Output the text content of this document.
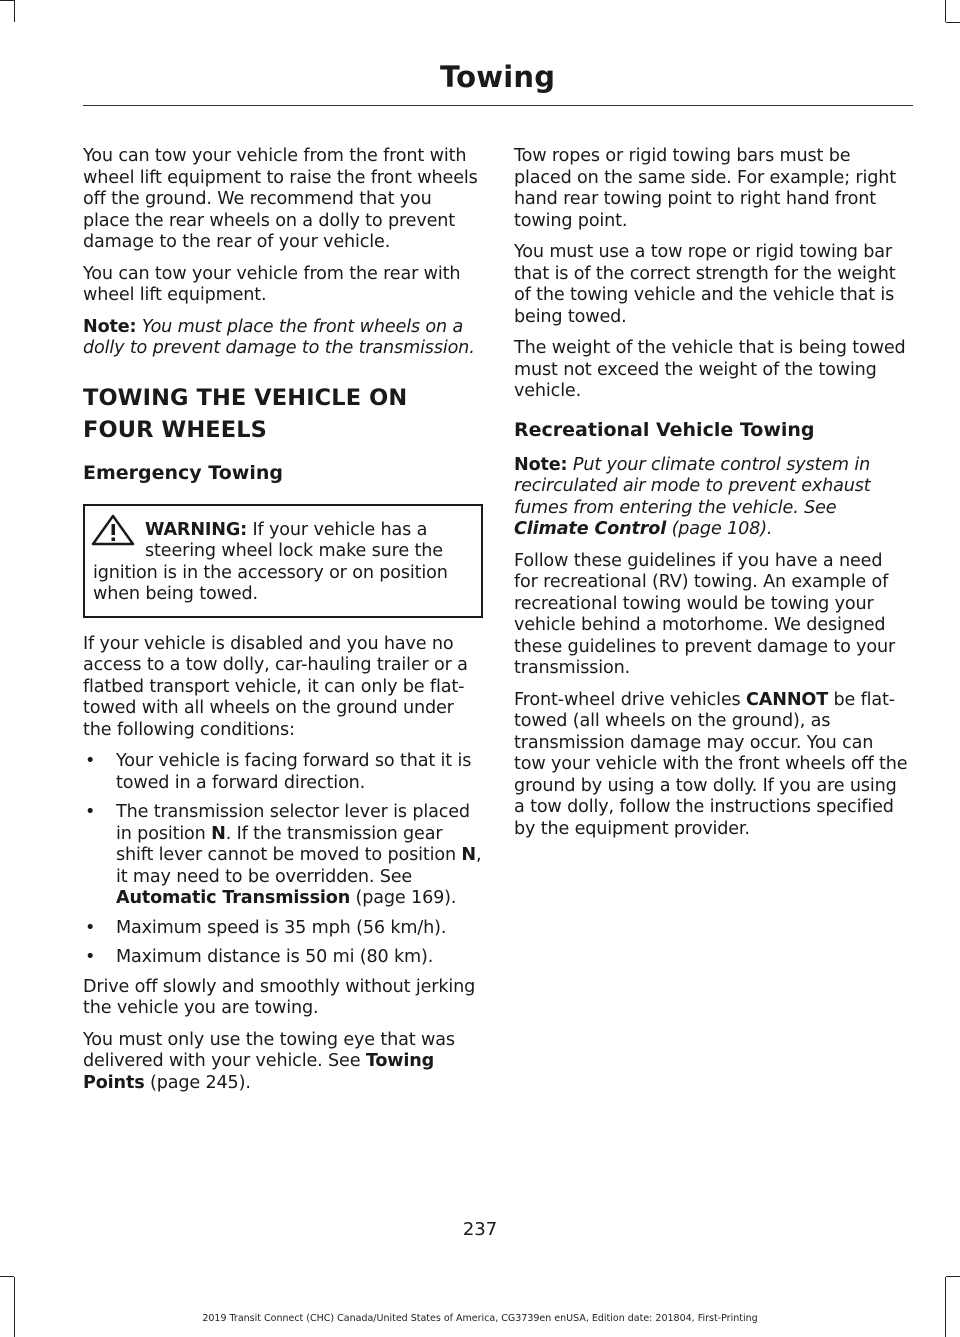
Towing

You can tow your vehicle from the front with wheel lift equipment to raise the front wheels off the ground. We recommend that you place the rear wheels on a dolly to prevent damage to the rear of your vehicle.

You can tow your vehicle from the rear with wheel lift equipment.

Note: You must place the front wheels on a dolly to prevent damage to the transmission.

TOWING THE VEHICLE ON FOUR WHEELS
Emergency Towing

WARNING: If your vehicle has a steering wheel lock make sure the ignition is in the accessory or on position when being towed.

If your vehicle is disabled and you have no access to a tow dolly, car-hauling trailer or a flatbed transport vehicle, it can only be flat-towed with all wheels on the ground under the following conditions:

• Your vehicle is facing forward so that it is towed in a forward direction.
• The transmission selector lever is placed in position N. If the transmission gear shift lever cannot be moved to position N, it may need to be overridden. See Automatic Transmission (page 169).
• Maximum speed is 35 mph (56 km/h).
• Maximum distance is 50 mi (80 km).

Drive off slowly and smoothly without jerking the vehicle you are towing.

You must only use the towing eye that was delivered with your vehicle. See Towing Points (page 245).

Tow ropes or rigid towing bars must be placed on the same side. For example; right hand rear towing point to right hand front towing point.

You must use a tow rope or rigid towing bar that is of the correct strength for the weight of the towing vehicle and the vehicle that is being towed.

The weight of the vehicle that is being towed must not exceed the weight of the towing vehicle.

Recreational Vehicle Towing

Note: Put your climate control system in recirculated air mode to prevent exhaust fumes from entering the vehicle. See Climate Control (page 108).

Follow these guidelines if you have a need for recreational (RV) towing. An example of recreational towing would be towing your vehicle behind a motorhome. We designed these guidelines to prevent damage to your transmission.

Front-wheel drive vehicles CANNOT be flat-towed (all wheels on the ground), as transmission damage may occur. You can tow your vehicle with the front wheels off the ground by using a tow dolly. If you are using a tow dolly, follow the instructions specified by the equipment provider.

237
2019 Transit Connect (CHC) Canada/United States of America, CG3739en enUSA, Edition date: 201804, First-Printing
